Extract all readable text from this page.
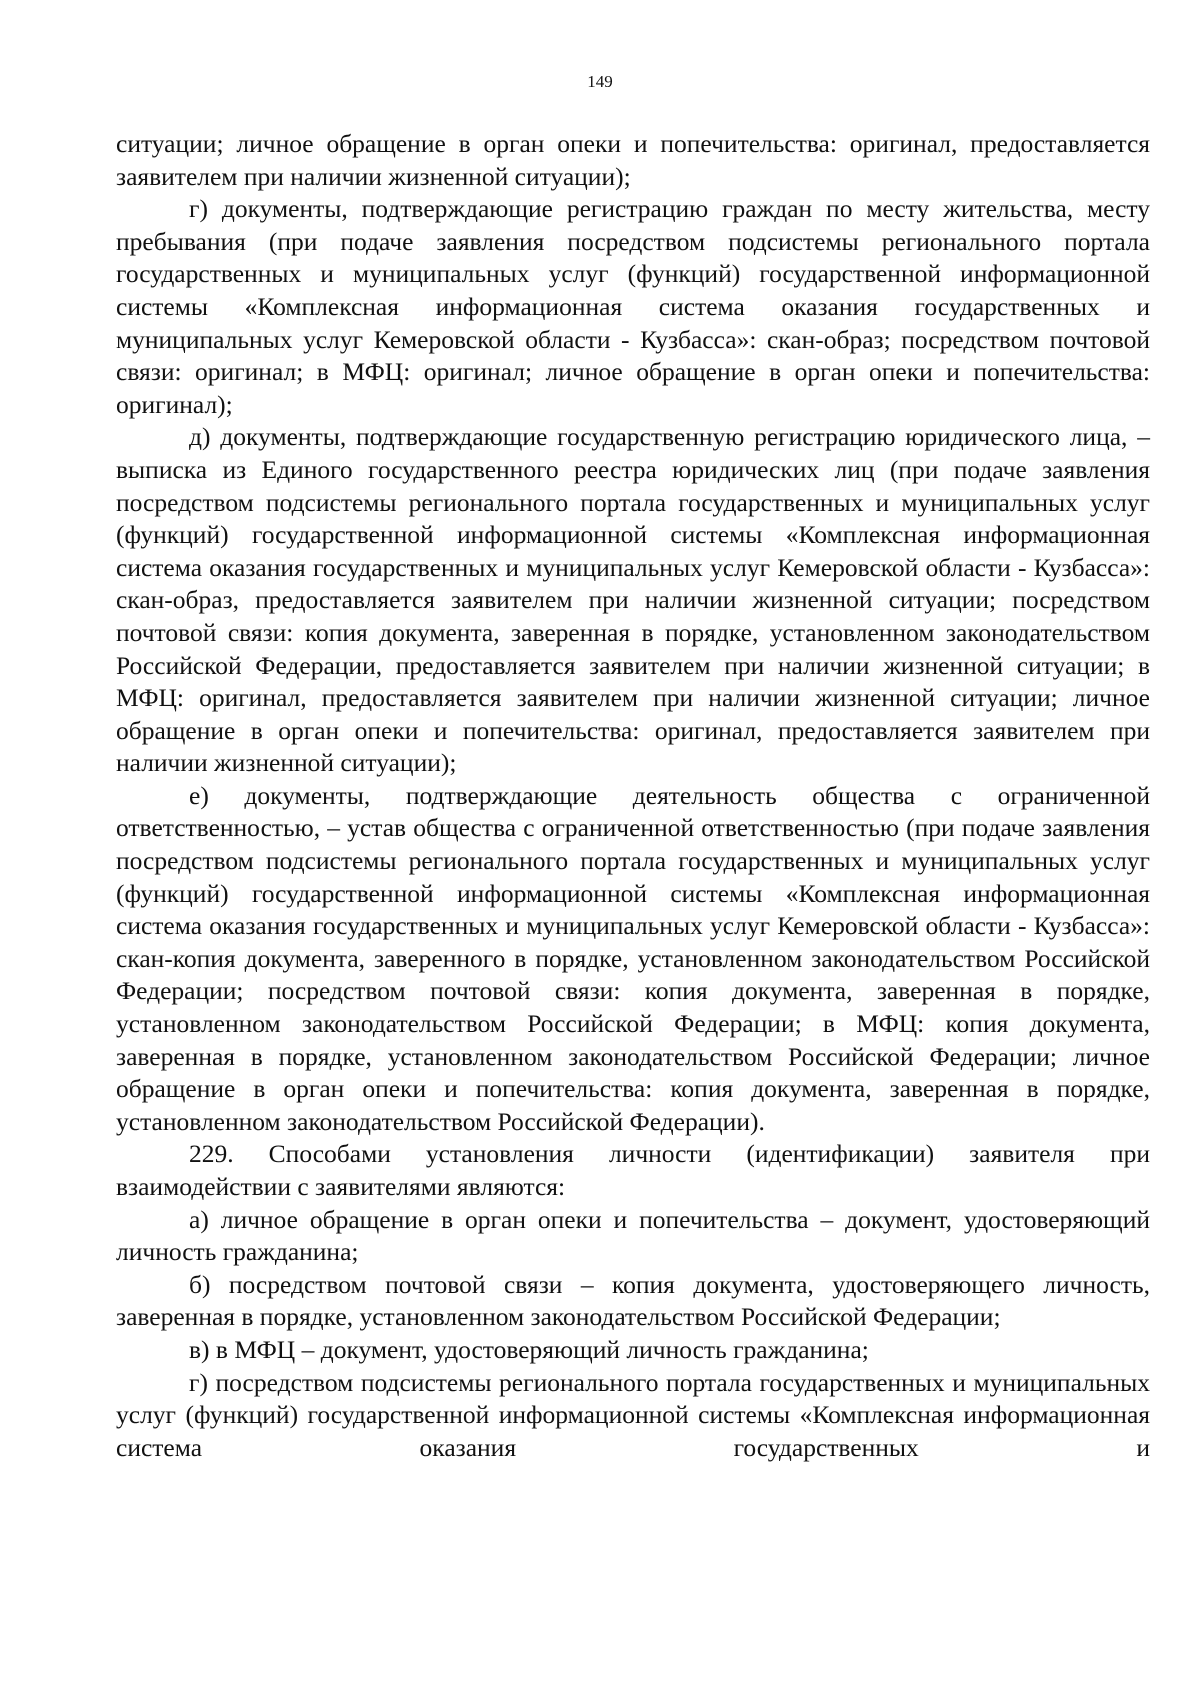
149

ситуации; личное обращение в орган опеки и попечительства: оригинал, предоставляется заявителем при наличии жизненной ситуации);

г) документы, подтверждающие регистрацию граждан по месту жительства, месту пребывания (при подаче заявления посредством подсистемы регионального портала государственных и муниципальных услуг (функций) государственной информационной системы «Комплексная информационная система оказания государственных и муниципальных услуг Кемеровской области - Кузбасса»: скан-образ; посредством почтовой связи: оригинал; в МФЦ: оригинал; личное обращение в орган опеки и попечительства: оригинал);

д) документы, подтверждающие государственную регистрацию юридического лица, – выписка из Единого государственного реестра юридических лиц (при подаче заявления посредством подсистемы регионального портала государственных и муниципальных услуг (функций) государственной информационной системы «Комплексная информационная система оказания государственных и муниципальных услуг Кемеровской области - Кузбасса»: скан-образ, предоставляется заявителем при наличии жизненной ситуации; посредством почтовой связи: копия документа, заверенная в порядке, установленном законодательством Российской Федерации, предоставляется заявителем при наличии жизненной ситуации; в МФЦ: оригинал, предоставляется заявителем при наличии жизненной ситуации; личное обращение в орган опеки и попечительства: оригинал, предоставляется заявителем при наличии жизненной ситуации);

е) документы, подтверждающие деятельность общества с ограниченной ответственностью, – устав общества с ограниченной ответственностью (при подаче заявления посредством подсистемы регионального портала государственных и муниципальных услуг (функций) государственной информационной системы «Комплексная информационная система оказания государственных и муниципальных услуг Кемеровской области - Кузбасса»: скан-копия документа, заверенного в порядке, установленном законодательством Российской Федерации; посредством почтовой связи: копия документа, заверенная в порядке, установленном законодательством Российской Федерации; в МФЦ: копия документа, заверенная в порядке, установленном законодательством Российской Федерации; личное обращение в орган опеки и попечительства: копия документа, заверенная в порядке, установленном законодательством Российской Федерации).

229. Способами установления личности (идентификации) заявителя при взаимодействии с заявителями являются:

а) личное обращение в орган опеки и попечительства – документ, удостоверяющий личность гражданина;

б) посредством почтовой связи – копия документа, удостоверяющего личность, заверенная в порядке, установленном законодательством Российской Федерации;

в) в МФЦ – документ, удостоверяющий личность гражданина;

г) посредством подсистемы регионального портала государственных и муниципальных услуг (функций) государственной информационной системы «Комплексная информационная система оказания государственных и
